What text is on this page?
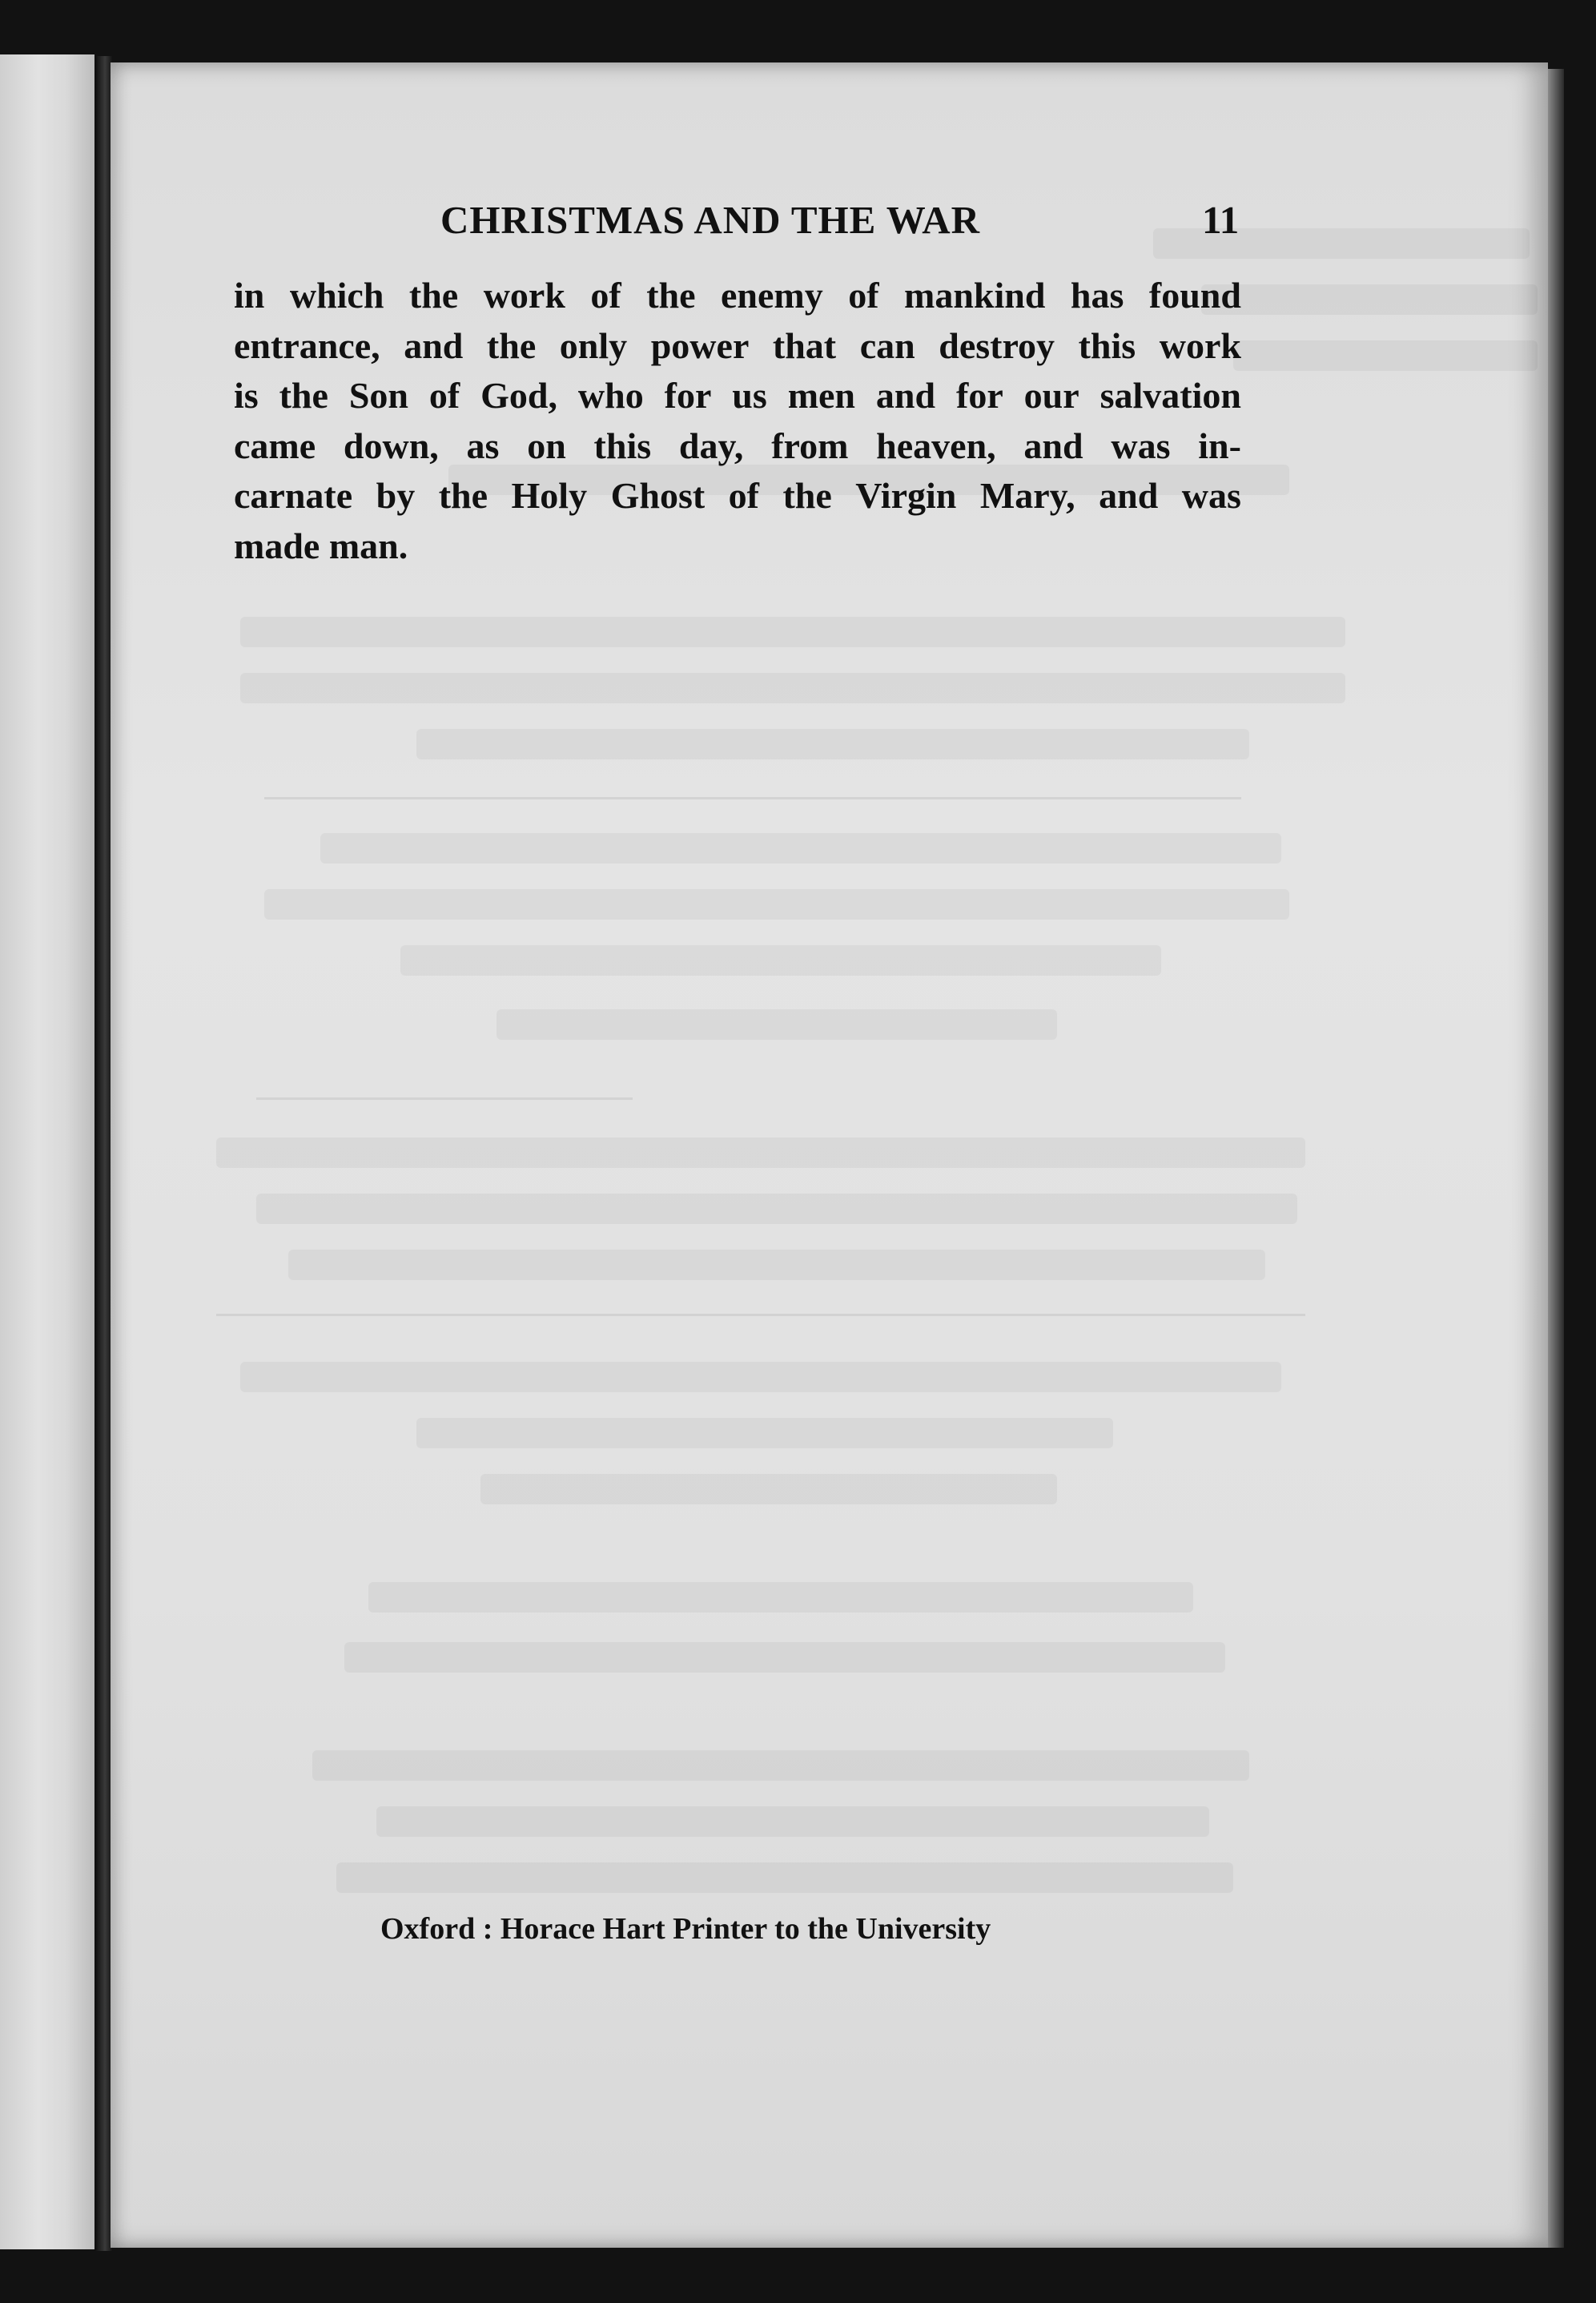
CHRISTMAS AND THE WAR	11
in which the work of the enemy of mankind has found
entrance, and the only power that can destroy this work
is the Son of God, who for us men and for our salvation
came down, as on this day, from heaven, and was in-
carnate by the Holy Ghost of the Virgin Mary, and was
made man.
Oxford : Horace Hart Printer to the University
